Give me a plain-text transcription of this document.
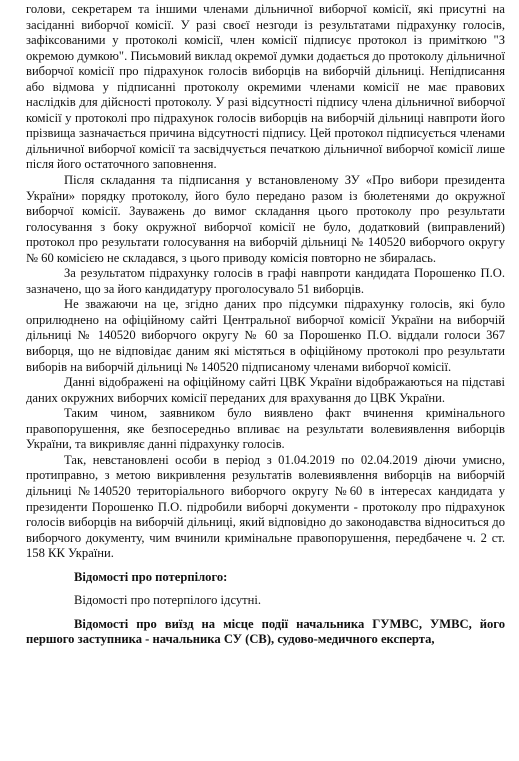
голови, секретарем та іншими членами дільничної виборчої комісії, які присутні на засіданні виборчої комісії. У разі своєї незгоди із результатами підрахунку голосів, зафіксованими у протоколі комісії, член комісії підписує протокол із приміткою "З окремою думкою". Письмовий виклад окремої думки додається до протоколу дільничної виборчої комісії про підрахунок голосів виборців на виборчій дільниці. Непідписання або відмова у підписанні протоколу окремими членами комісії не має правових наслідків для дійсності протоколу. У разі відсутності підпису члена дільничної виборчої комісії у протоколі про підрахунок голосів виборців на виборчій дільниці навпроти його прізвища зазначається причина відсутності підпису. Цей протокол підписується членами дільничної виборчої комісії та засвідчується печаткою дільничної виборчої комісії лише після його остаточного заповнення.

Після складання та підписання у встановленому ЗУ «Про вибори президента України» порядку протоколу, його було передано разом із бюлетенями до окружної виборчої комісії. Зауважень до вимог складання цього протоколу про результати голосування з боку окружної виборчої комісії не було, додатковий (виправлений) протокол про результати голосування на виборчій дільниці № 140520 виборчого округу № 60 комісією не складався, з цього приводу комісія повторно не збиралась.

За результатом підрахунку голосів в графі навпроти кандидата Порошенко П.О. зазначено, що за його кандидатуру проголосувало 51 виборців.

Не зважаючи на це, згідно даних про підсумки підрахунку голосів, які було оприлюднено на офіційному сайті Центральної виборчої комісії України на виборчій дільниці № 140520 виборчого округу № 60 за Порошенко П.О. віддали голоси 367 виборця, що не відповідає даним які містяться в офіційному протоколі про результати виборів на виборчій дільниці № 140520 підписаному членами виборчої комісії.

Данні відображені на офіційному сайті ЦВК України відображаються на підставі даних окружних виборчих комісії переданих для врахування до ЦВК України.

Таким чином, заявником було виявлено факт вчинення кримінального правопорушення, яке безпосередньо впливає на результати волевиявлення виборців України, та викривляє данні підрахунку голосів.

Так, невстановлені особи в період з 01.04.2019 по 02.04.2019 діючи умисно, протиправно, з метою викривлення результатів волевиявлення виборців на виборчій дільниці №140520 територіального виборчого округу №60 в інтересах кандидата у президенти Порошенко П.О. підробили виборчі документи - протоколу про підрахунок голосів виборців на виборчій дільниці, який відповідно до законодавства відноситься до виборчого документу, чим вчинили кримінальне правопорушення, передбачене ч. 2 ст. 158 КК України.

Відомості про потерпілого:

Відомості про потерпілого ідсутні.

Відомості про виїзд на місце події начальника ГУМВС, УМВС, його першого заступника - начальника СУ (СВ), судово-медичного експерта,
